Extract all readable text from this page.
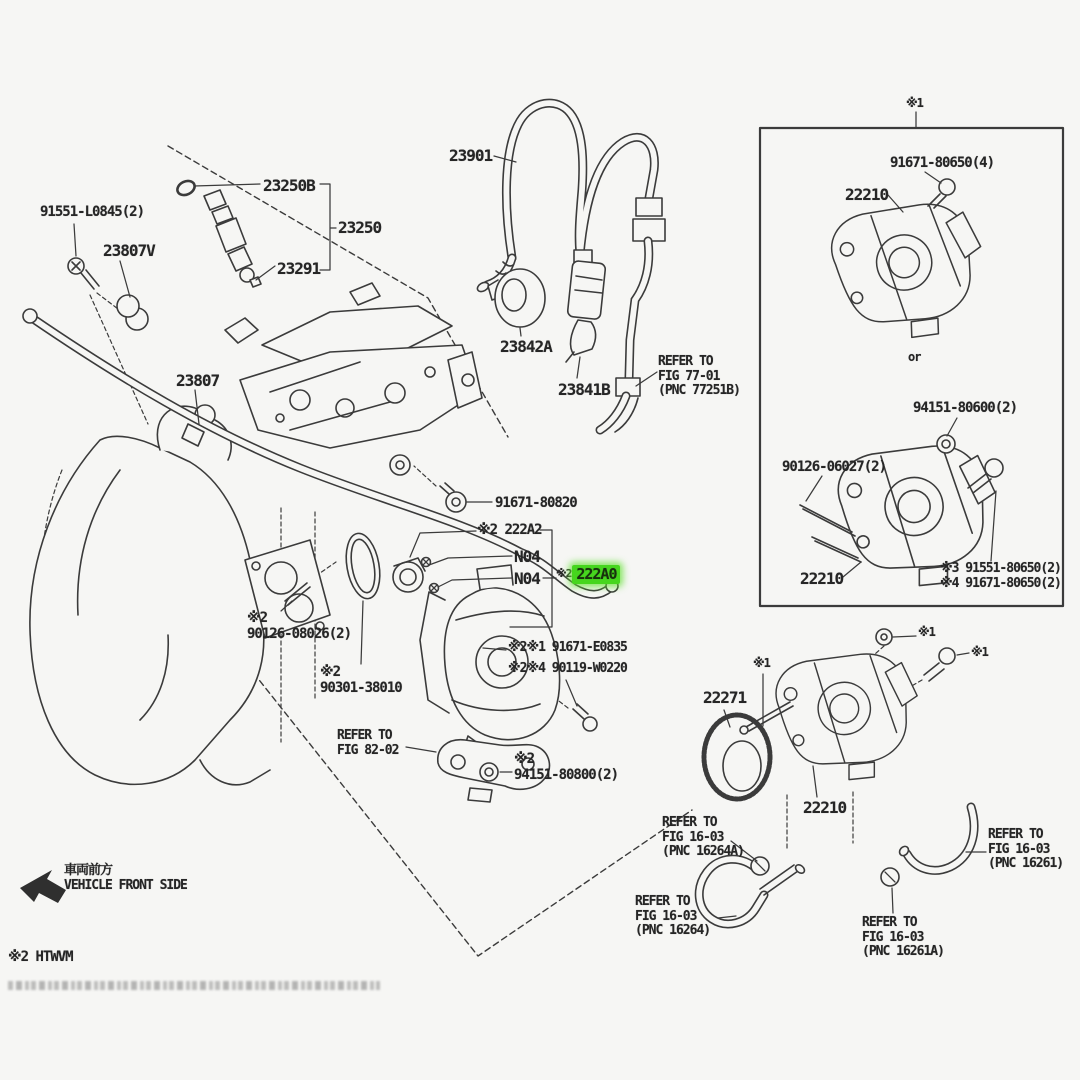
23250B
23250
23291
91551-L0845(2)
23807V
23807
23901
23842A
23841B
REFER TO
FIG 77-01
(PNC 77251B)
※1
91671-80650(4)
22210
or
94151-80600(2)
90126-06027(2)
22210
※3 91551-80650(2)
※4 91671-80650(2)
91671-80820
※2 222A2
N04
N04 ※2 222A0
※2
90126-08026(2)
※2
90301-38010
※2※1 91671-E0835
※2※4 90119-W0220
REFER TO
FIG 82-02
※2
94151-80800(2)
22271
※1
※1
※1
22210
REFER TO
FIG 16-03
(PNC 16264A)
REFER TO
FIG 16-03
(PNC 16264)
REFER TO
FIG 16-03
(PNC 16261)
REFER TO
FIG 16-03
(PNC 16261A)
車両前方
VEHICLE FRONT SIDE
※2 HTWVM
